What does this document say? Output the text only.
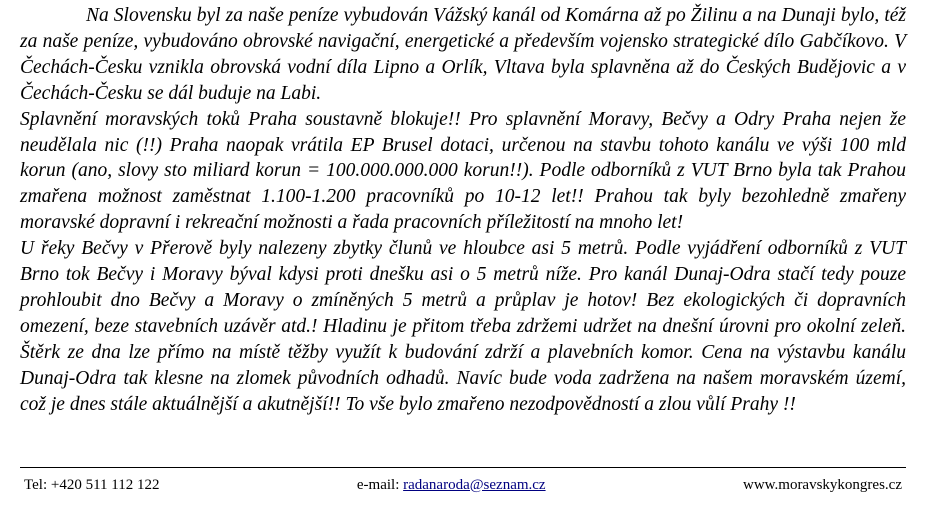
Na Slovensku byl za naše peníze vybudován Vážský kanál od Komárna až po Žilinu a na Dunaji bylo, též za naše peníze, vybudováno obrovské navigační, energetické a především vojensko strategické dílo Gabčíkovo. V Čechách-Česku vznikla obrovská vodní díla Lipno a Orlík, Vltava byla splavněna až do Českých Budějovic a v Čechách-Česku se dál buduje na Labi.

Splavnění moravských toků Praha soustavně blokuje!! Pro splavnění Moravy, Bečvy a Odry Praha nejen že neudělala nic (!!) Praha naopak vrátila EP Brusel dotaci, určenou na stavbu tohoto kanálu ve výši 100 mld korun (ano, slovy sto miliard korun = 100.000.000.000 korun!!). Podle odborníků z VUT Brno byla tak Prahou zmařena možnost zaměstnat 1.100-1.200 pracovníků po 10-12 let!! Prahou tak byly bezohledně zmařeny moravské dopravní i rekreační možnosti a řada pracovních příležitostí na mnoho let!

U řeky Bečvy v Přerově byly nalezeny zbytky člunů ve hloubce asi 5 metrů. Podle vyjádření odborníků z VUT Brno tok Bečvy i Moravy býval kdysi proti dnešku asi o 5 metrů níže. Pro kanál Dunaj-Odra stačí tedy pouze prohloubit dno Bečvy a Moravy o zmíněných 5 metrů a průplav je hotov! Bez ekologických či dopravních omezení, beze stavebních uzávěr atd.! Hladinu je přitom třeba zdržemi udržet na dnešní úrovni pro okolní zeleň. Štěrk ze dna lze přímo na místě těžby využít k budování zdrží a plavebních komor. Cena na výstavbu kanálu Dunaj-Odra tak klesne na zlomek původních odhadů. Navíc bude voda zadržena na našem moravském území, což je dnes stále aktuálnější a akutnější!! To vše bylo zmařeno nezodpovědností a zlou vůlí Prahy !!

Tel: +420 511 112 122	e-mail: radanaroda@seznam.cz	www.moravskykongres.cz
